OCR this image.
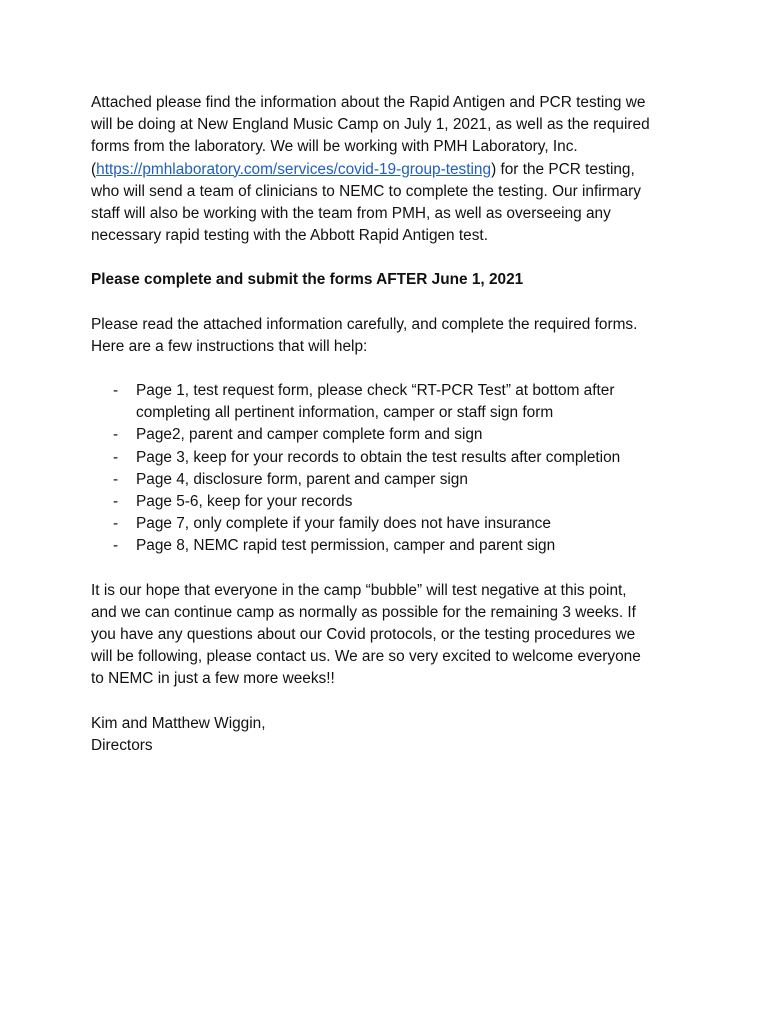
Attached please find the information about the Rapid Antigen and PCR testing we
will be doing at New England Music Camp on July 1, 2021, as well as the required
forms from the laboratory. We will be working with PMH Laboratory, Inc.
(https://pmhlaboratory.com/services/covid-19-group-testing) for the PCR testing,
who will send a team of clinicians to NEMC to complete the testing. Our infirmary
staff will also be working with the team from PMH, as well as overseeing any
necessary rapid testing with the Abbott Rapid Antigen test.

Please complete and submit the forms AFTER June 1, 2021

Please read the attached information carefully, and complete the required forms.
Here are a few instructions that will help:

- Page 1, test request form, please check “RT-PCR Test” at bottom after
completing all pertinent information, camper or staff sign form
- Page2, parent and camper complete form and sign
- Page 3, keep for your records to obtain the test results after completion
- Page 4, disclosure form, parent and camper sign
- Page 5-6, keep for your records
- Page 7, only complete if your family does not have insurance
- Page 8, NEMC rapid test permission, camper and parent sign

It is our hope that everyone in the camp “bubble” will test negative at this point,
and we can continue camp as normally as possible for the remaining 3 weeks. If
you have any questions about our Covid protocols, or the testing procedures we
will be following, please contact us. We are so very excited to welcome everyone
to NEMC in just a few more weeks!!

Kim and Matthew Wiggin,
Directors
